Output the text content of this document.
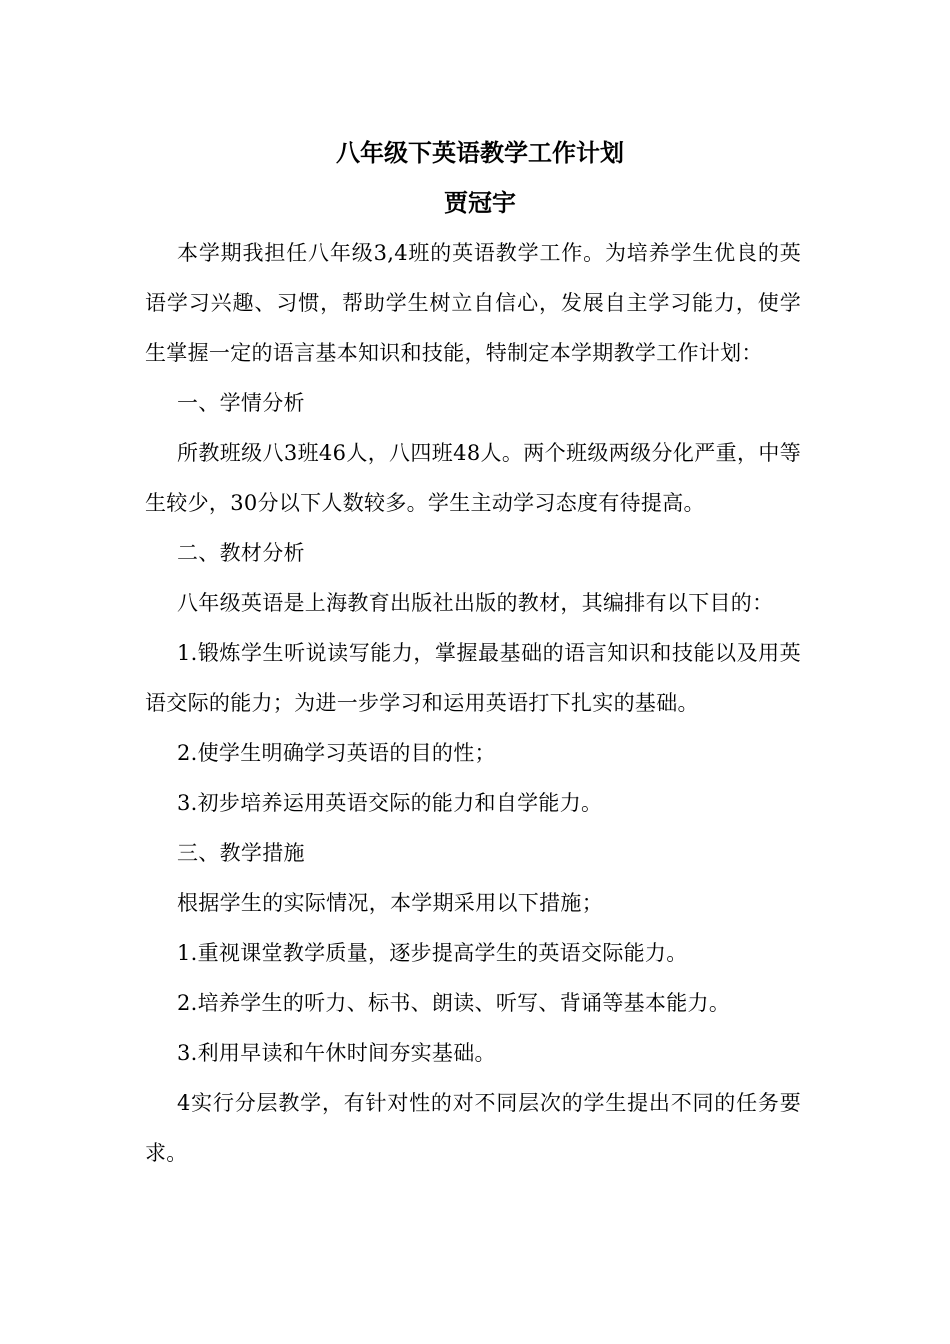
八年级下英语教学工作计划
贾冠宇

本学期我担任八年级3,4班的英语教学工作。为培养学生优良的英语学习兴趣、习惯，帮助学生树立自信心，发展自主学习能力，使学生掌握一定的语言基本知识和技能，特制定本学期教学工作计划：

一、学情分析

所教班级八3班46人，八四班48人。两个班级两级分化严重，中等生较少，30分以下人数较多。学生主动学习态度有待提高。

二、教材分析

八年级英语是上海教育出版社出版的教材，其编排有以下目的：

1.锻炼学生听说读写能力，掌握最基础的语言知识和技能以及用英语交际的能力；为进一步学习和运用英语打下扎实的基础。

2.使学生明确学习英语的目的性；

3.初步培养运用英语交际的能力和自学能力。

三、教学措施

根据学生的实际情况，本学期采用以下措施；

1.重视课堂教学质量，逐步提高学生的英语交际能力。

2.培养学生的听力、标书、朗读、听写、背诵等基本能力。

3.利用早读和午休时间夯实基础。

4实行分层教学，有针对性的对不同层次的学生提出不同的任务要求。
